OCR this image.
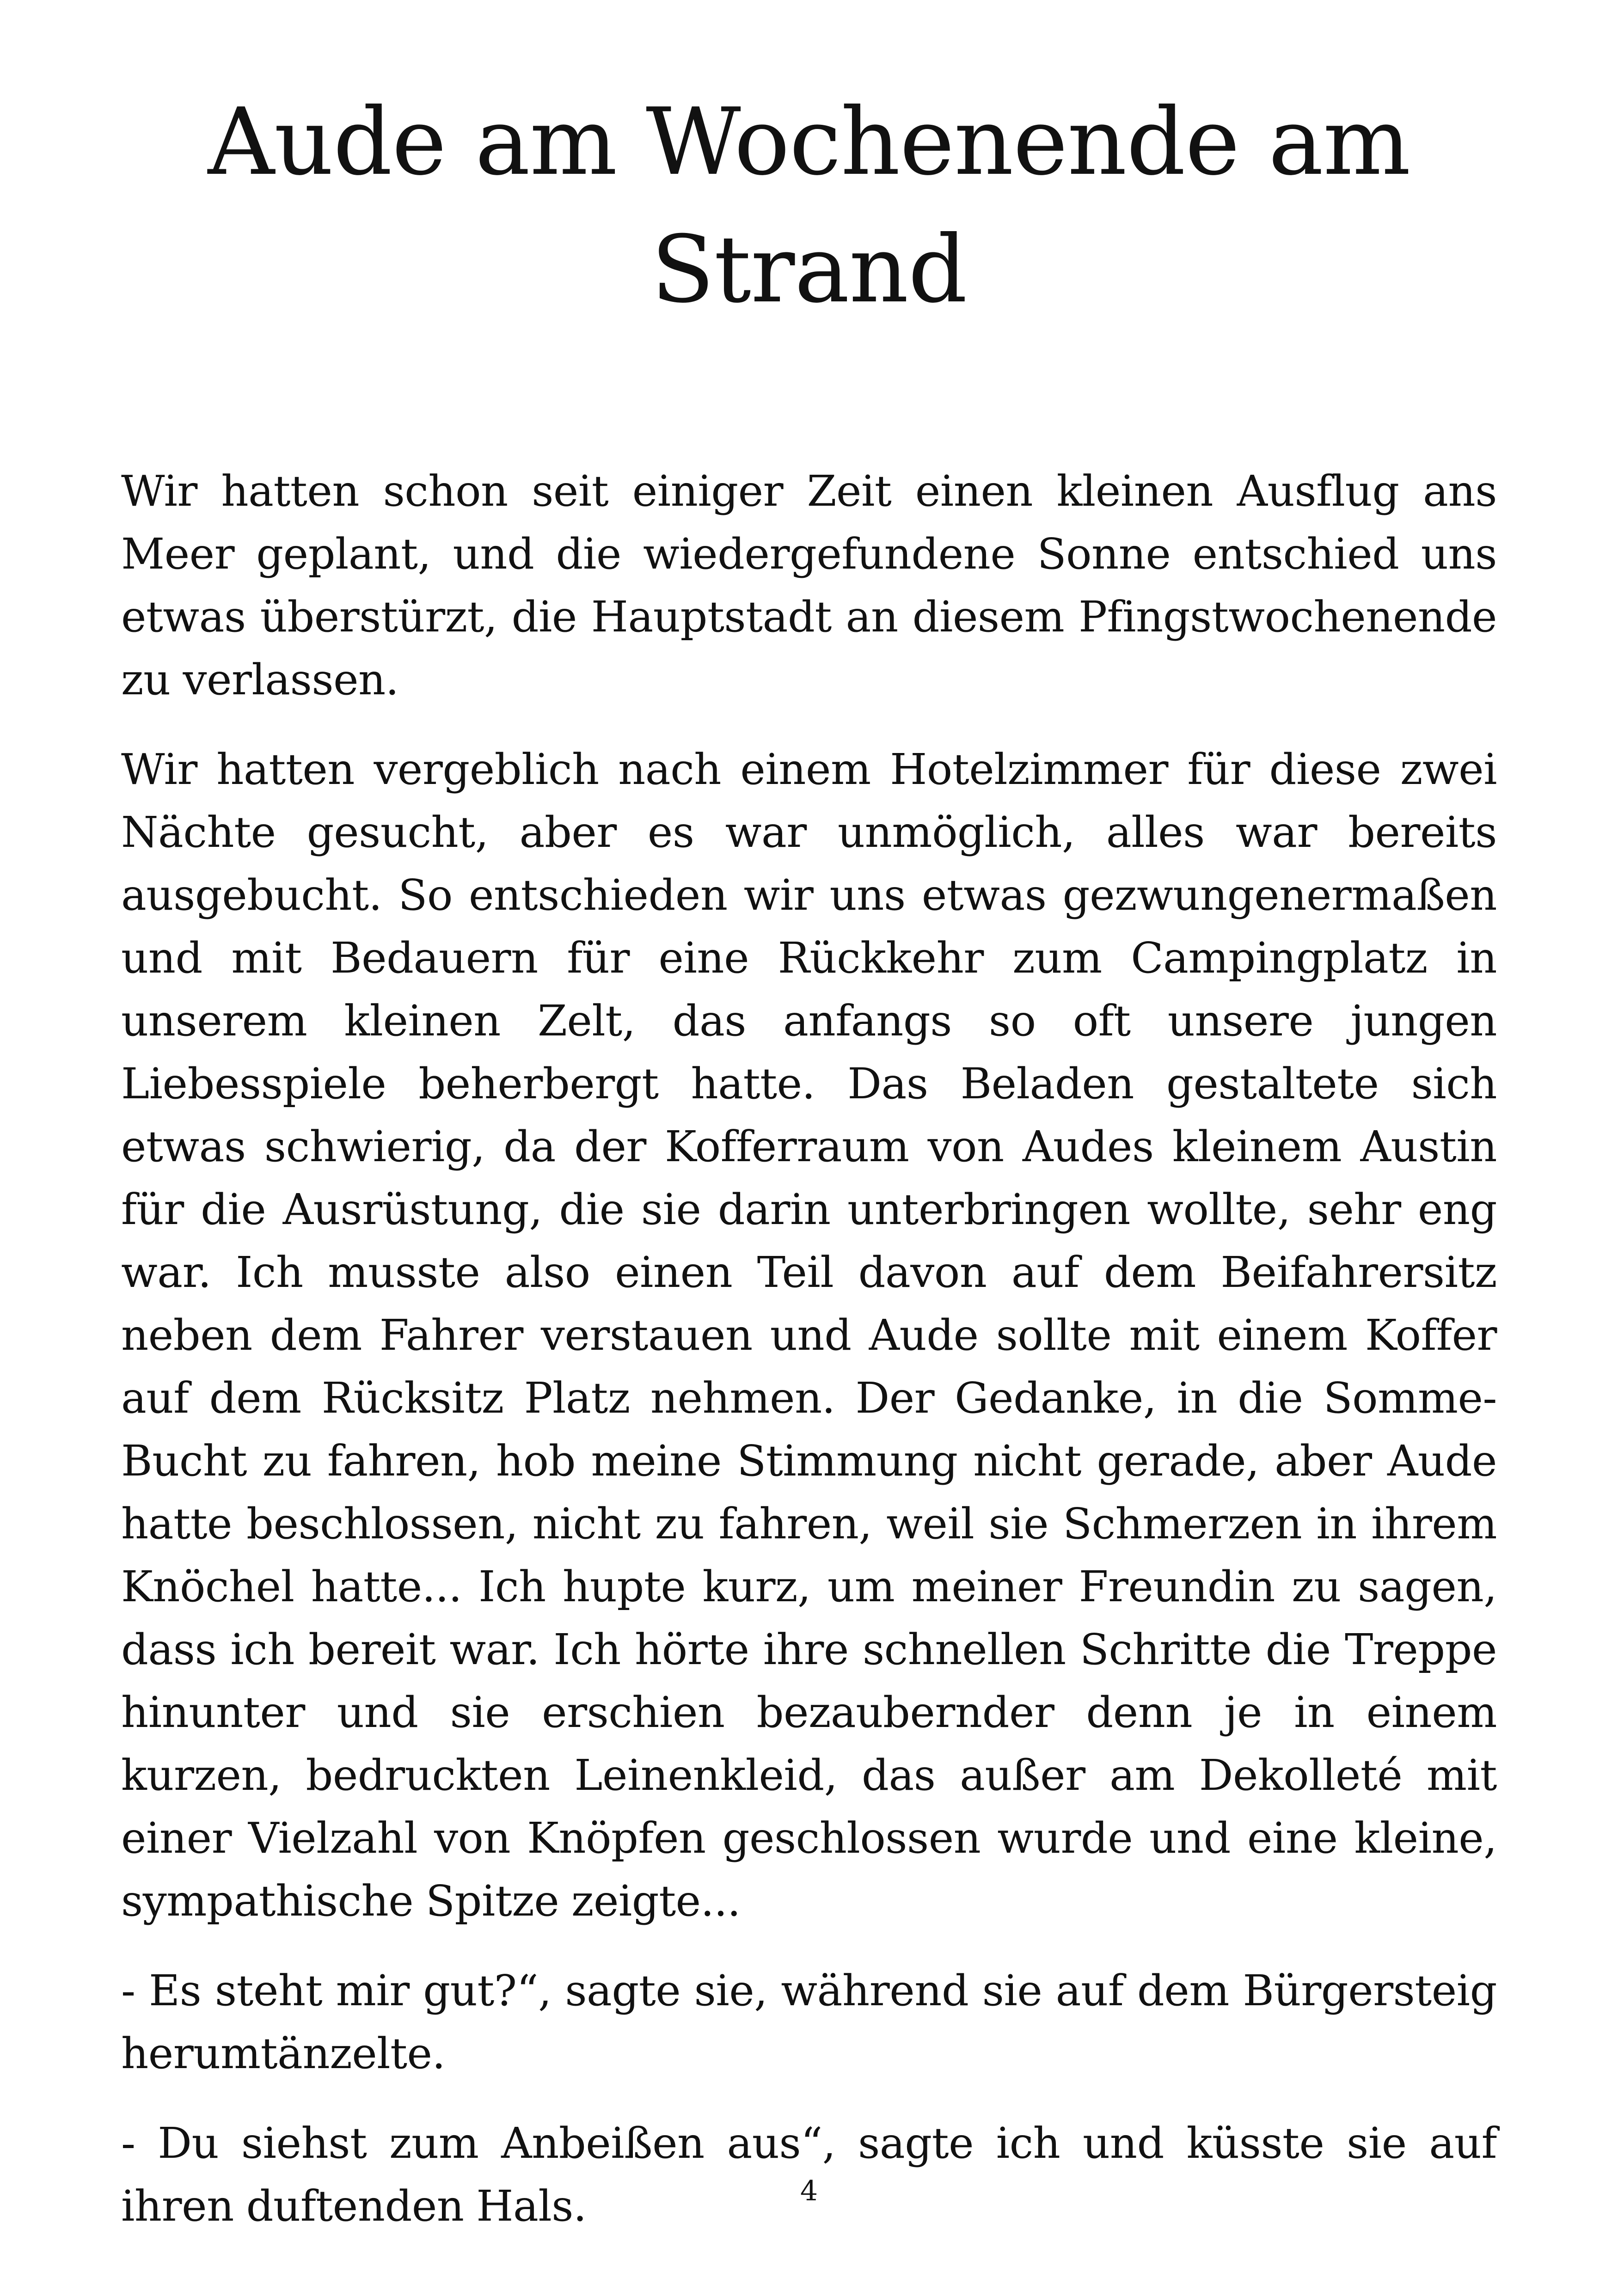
Aude am Wochenende am
Strand

Wir hatten schon seit einiger Zeit einen kleinen Ausflug ans Meer geplant, und die wiedergefundene Sonne entschied uns etwas überstürzt, die Hauptstadt an diesem Pfingstwochenende zu verlassen.

Wir hatten vergeblich nach einem Hotelzimmer für diese zwei Nächte gesucht, aber es war unmöglich, alles war bereits ausgebucht. So entschieden wir uns etwas gezwungenermaßen und mit Bedauern für eine Rückkehr zum Campingplatz in unserem kleinen Zelt, das anfangs so oft unsere jungen Liebesspiele beherbergt hatte. Das Beladen gestaltete sich etwas schwierig, da der Kofferraum von Audes kleinem Austin für die Ausrüstung, die sie darin unterbringen wollte, sehr eng war. Ich musste also einen Teil davon auf dem Beifahrersitz neben dem Fahrer verstauen und Aude sollte mit einem Koffer auf dem Rücksitz Platz nehmen. Der Gedanke, in die Somme-Bucht zu fahren, hob meine Stimmung nicht gerade, aber Aude hatte beschlossen, nicht zu fahren, weil sie Schmerzen in ihrem Knöchel hatte... Ich hupte kurz, um meiner Freundin zu sagen, dass ich bereit war. Ich hörte ihre schnellen Schritte die Treppe hinunter und sie erschien bezaubernder denn je in einem kurzen, bedruckten Leinenkleid, das außer am Dekolleté mit einer Vielzahl von Knöpfen geschlossen wurde und eine kleine, sympathische Spitze zeigte...

- Es steht mir gut?“, sagte sie, während sie auf dem Bürgersteig herumtänzelte.

- Du siehst zum Anbeißen aus“, sagte ich und küsste sie auf ihren duftenden Hals.	4
